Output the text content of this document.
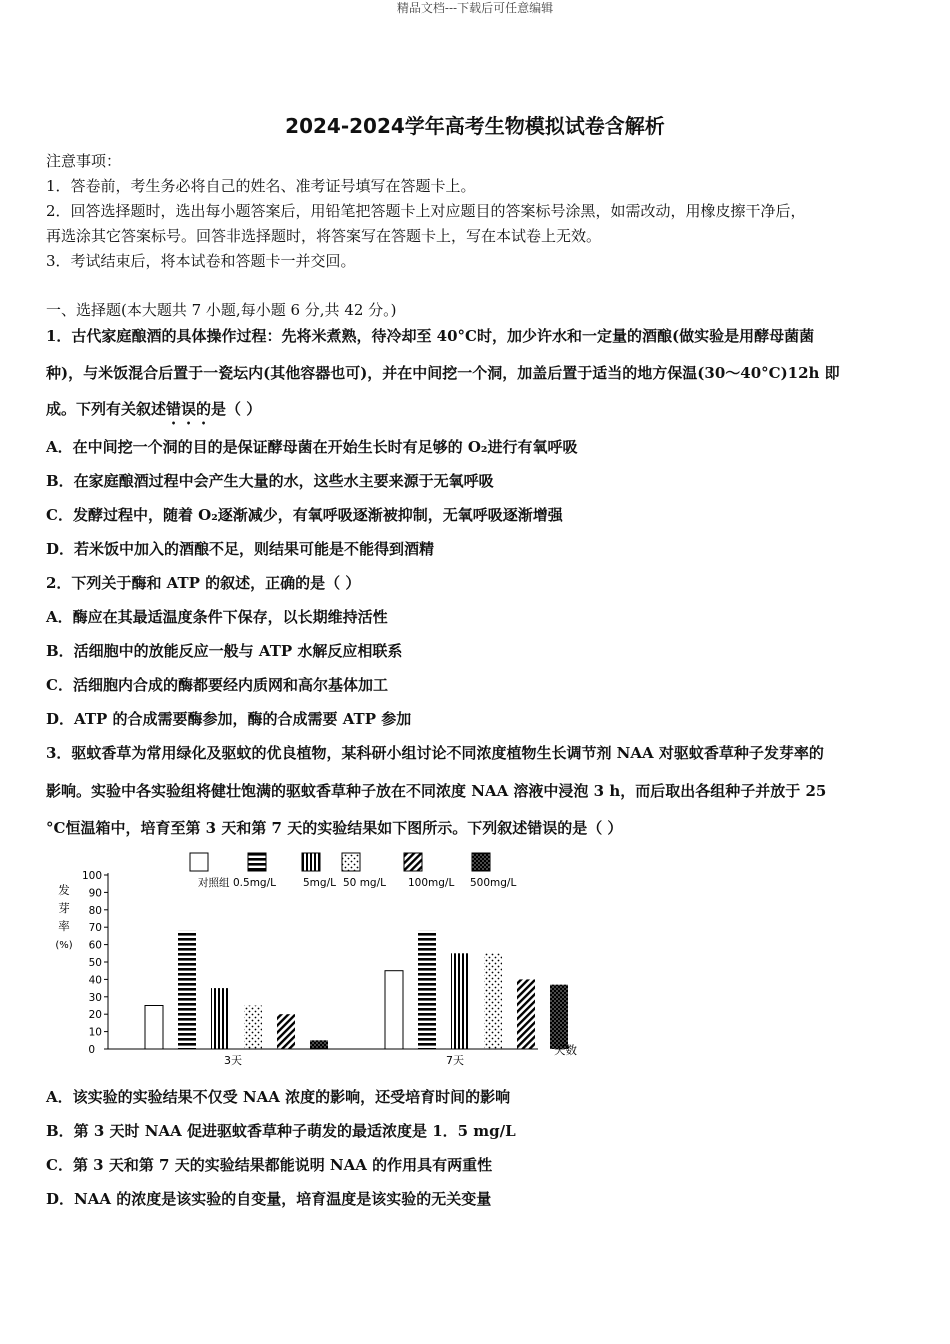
精品文档---下载后可任意编辑
2024-2024学年高考生物模拟试卷含解析
注意事项：
1．答卷前，考生务必将自己的姓名、准考证号填写在答题卡上。
2．回答选择题时，选出每小题答案后，用铅笔把答题卡上对应题目的答案标号涂黑，如需改动，用橡皮擦干净后，
再选涂其它答案标号。回答非选择题时，将答案写在答题卡上，写在本试卷上无效。
3．考试结束后，将本试卷和答题卡一并交回。
一、选择题(本大题共 7 小题,每小题 6 分,共 42 分。)
1．古代家庭酿酒的具体操作过程：先将米煮熟，待冷却至 40°C时，加少许水和一定量的酒酿(做实验是用酵母菌菌
种)，与米饭混合后置于一瓷坛内(其他容器也可)，并在中间挖一个洞，加盖后置于适当的地方保温(30～40°C)12h 即
成。下列有关叙述错误的是（ ）
A．在中间挖一个洞的目的是保证酵母菌在开始生长时有足够的 O₂进行有氧呼吸
B．在家庭酿酒过程中会产生大量的水，这些水主要来源于无氧呼吸
C．发酵过程中，随着 O₂逐渐减少，有氧呼吸逐渐被抑制，无氧呼吸逐渐增强
D．若米饭中加入的酒酿不足，则结果可能是不能得到酒精
2．下列关于酶和 ATP 的叙述，正确的是（ ）
A．酶应在其最适温度条件下保存，以长期维持活性
B．活细胞中的放能反应一般与 ATP 水解反应相联系
C．活细胞内合成的酶都要经内质网和高尔基体加工
D．ATP 的合成需要酶参加，酶的合成需要 ATP 参加
3．驱蚊香草为常用绿化及驱蚊的优良植物，某科研小组讨论不同浓度植物生长调节剂 NAA 对驱蚊香草种子发芽率的
影响。实验中各实验组将健壮饱满的驱蚊香草种子放在不同浓度 NAA 溶液中浸泡 3 h，而后取出各组种子并放于 25
°C恒温箱中，培育至第 3 天和第 7 天的实验结果如下图所示。下列叙述错误的是（ ）
对照组 0.5mg/L	5mg/L 50 mg/L 100mg/L 500mg/L
0
10
20
30
40
50
60
70
80
90
100
发
芽
率
(%)
3天	7天
天数
A．该实验的实验结果不仅受 NAA 浓度的影响，还受培育时间的影响
B．第 3 天时 NAA 促进驱蚊香草种子萌发的最适浓度是 1．5 mg/L
C．第 3 天和第 7 天的实验结果都能说明 NAA 的作用具有两重性
D．NAA 的浓度是该实验的自变量，培育温度是该实验的无关变量
